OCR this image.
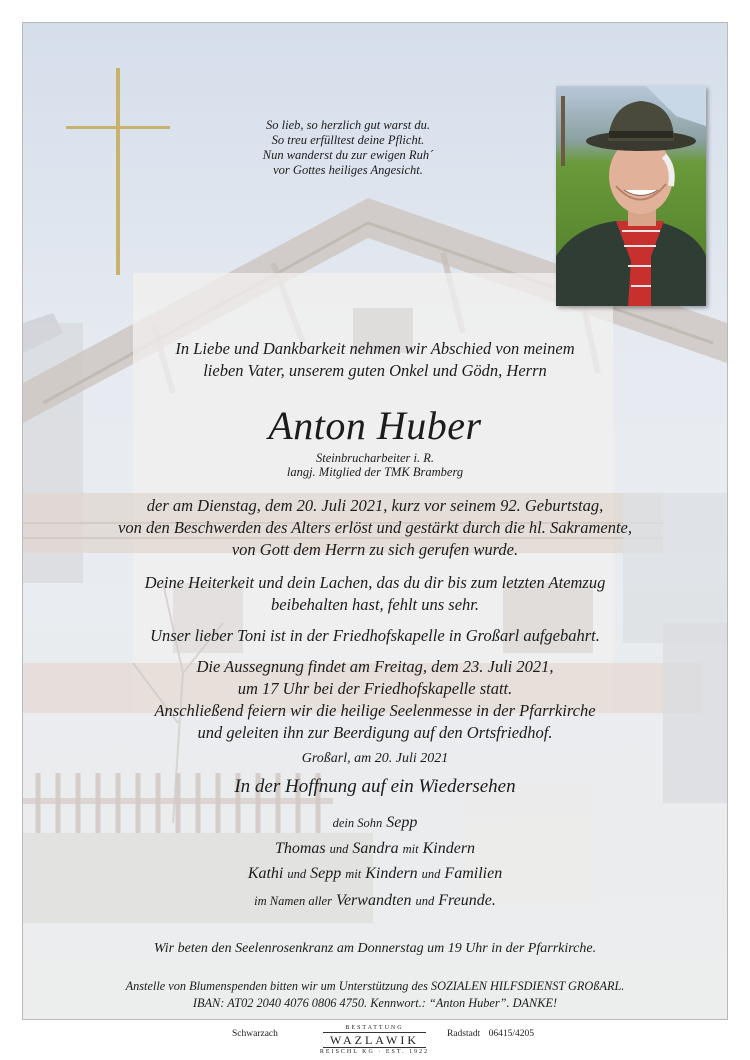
So lieb, so herzlich gut warst du.
So treu erfülltest deine Pflicht.
Nun wanderst du zur ewigen Ruh´
vor Gottes heiliges Angesicht.
In Liebe und Dankbarkeit nehmen wir Abschied von meinem
lieben Vater, unserem guten Onkel und Gödn, Herrn
Anton Huber
Steinbrucharbeiter i. R.
langj. Mitglied der TMK Bramberg
der am Dienstag, dem 20. Juli 2021, kurz vor seinem 92. Geburtstag,
von den Beschwerden des Alters erlöst und gestärkt durch die hl. Sakramente,
von Gott dem Herrn zu sich gerufen wurde.
Deine Heiterkeit und dein Lachen, das du dir bis zum letzten Atemzug
beibehalten hast, fehlt uns sehr.
Unser lieber Toni ist in der Friedhofskapelle in Großarl aufgebahrt.
Die Aussegnung findet am Freitag, dem 23. Juli 2021,
um 17 Uhr bei der Friedhofskapelle statt.
Anschließend feiern wir die heilige Seelenmesse in der Pfarrkirche
und geleiten ihn zur Beerdigung auf den Ortsfriedhof.
Großarl, am 20. Juli 2021
In der Hoffnung auf ein Wiedersehen
dein Sohn Sepp
Thomas und Sandra mit Kindern
Kathi und Sepp mit Kindern und Familien
im Namen aller Verwandten und Freunde.
Wir beten den Seelenrosenkranz am Donnerstag um 19 Uhr in der Pfarrkirche.
Anstelle von Blumenspenden bitten wir um Unterstützung des SOZIALEN HILFSDIENST GROßARL.
IBAN: AT02 2040 4076 0806 4750. Kennwort.: “Anton Huber”. DANKE!
Schwarzach
BESTATTUNG
WAZLAWIK
REISCHL KG · EST. 1922
Radstadt 06415/4205
